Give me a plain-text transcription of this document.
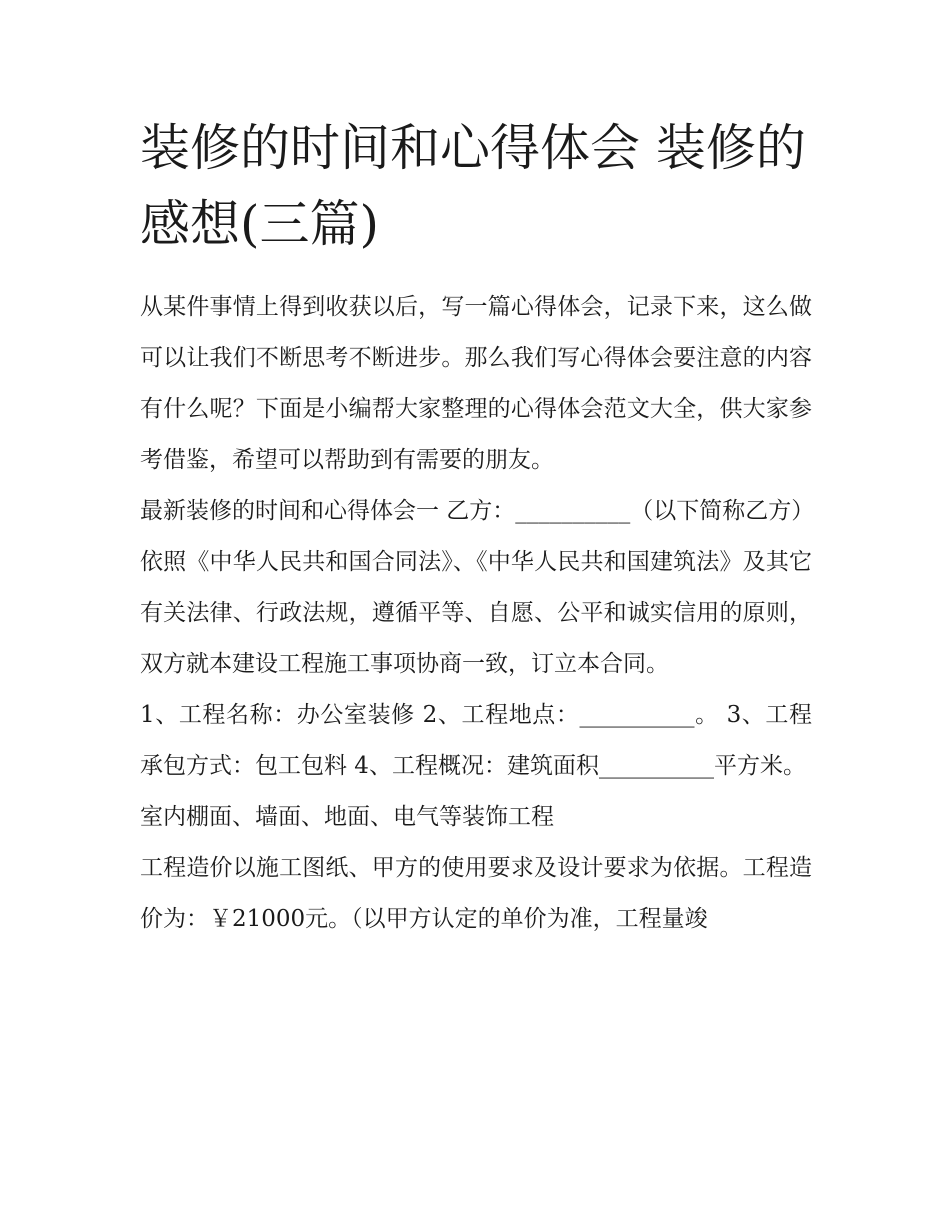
装修的时间和心得体会 装修的感想(三篇)

从某件事情上得到收获以后，写一篇心得体会，记录下来，这么做可以让我们不断思考不断进步。那么我们写心得体会要注意的内容有什么呢？下面是小编帮大家整理的心得体会范文大全，供大家参考借鉴，希望可以帮助到有需要的朋友。

最新装修的时间和心得体会一 乙方：__________（以下简称乙方）

依照《中华人民共和国合同法》、《中华人民共和国建筑法》及其它有关法律、行政法规，遵循平等、自愿、公平和诚实信用的原则，双方就本建设工程施工事项协商一致，订立本合同。

1、工程名称：办公室装修 2、工程地点：__________。 3、工程承包方式：包工包料 4、工程概况：建筑面积__________平方米。

室内棚面、墙面、地面、电气等装饰工程

工程造价以施工图纸、甲方的使用要求及设计要求为依据。工程造价为：￥21000元。（以甲方认定的单价为准，工程量竣
